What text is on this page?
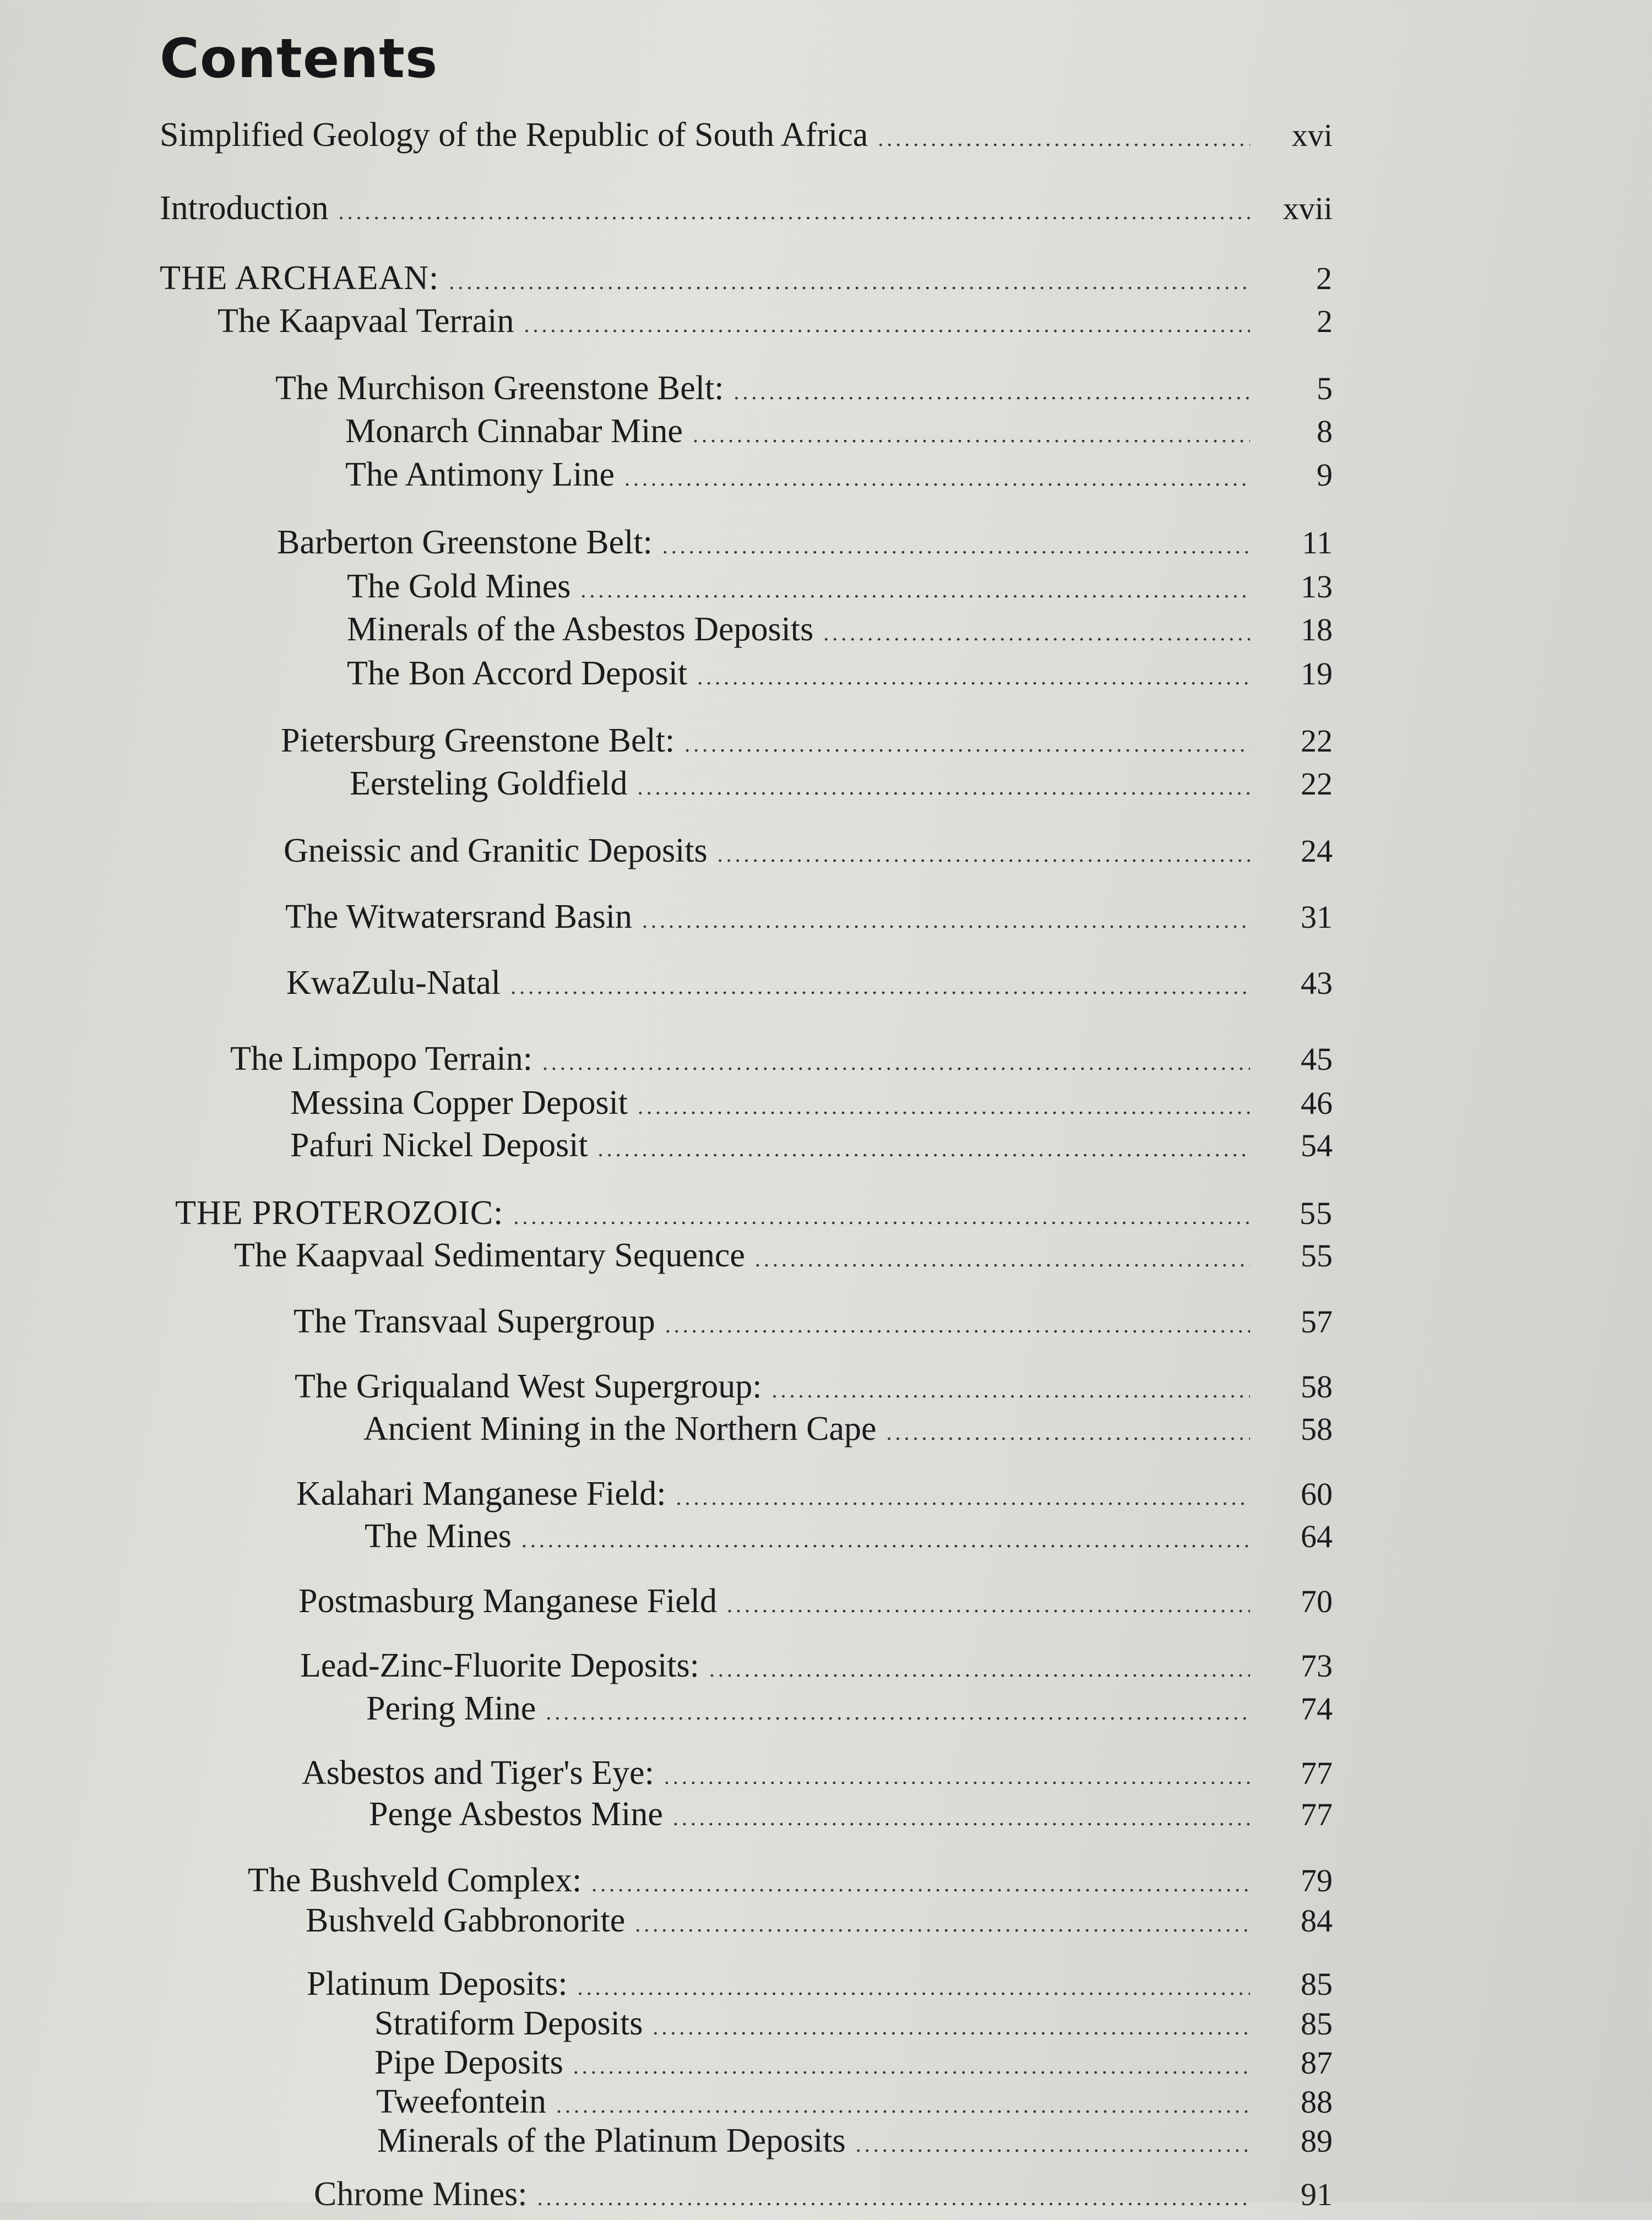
Contents
Simplified Geology of the Republic of South Africa .....	xvi
Introduction .....	xvii
THE ARCHAEAN: .....	2
The Kaapvaal Terrain .....	2
The Murchison Greenstone Belt: .....	5
Monarch Cinnabar Mine .....	8
The Antimony Line .....	9
Barberton Greenstone Belt: .....	11
The Gold Mines .....	13
Minerals of the Asbestos Deposits .....	18
The Bon Accord Deposit .....	19
Pietersburg Greenstone Belt: .....	22
Eersteling Goldfield .....	22
Gneissic and Granitic Deposits .....	24
The Witwatersrand Basin .....	31
KwaZulu-Natal .....	43
The Limpopo Terrain: .....	45
Messina Copper Deposit .....	46
Pafuri Nickel Deposit .....	54
THE PROTEROZOIC: .....	55
The Kaapvaal Sedimentary Sequence .....	55
The Transvaal Supergroup .....	57
The Griqualand West Supergroup: .....	58
Ancient Mining in the Northern Cape .....	58
Kalahari Manganese Field: .....	60
The Mines .....	64
Postmasburg Manganese Field .....	70
Lead-Zinc-Fluorite Deposits: .....	73
Pering Mine .....	74
Asbestos and Tiger's Eye: .....	77
Penge Asbestos Mine .....	77
The Bushveld Complex: .....	79
Bushveld Gabbronorite .....	84
Platinum Deposits: .....	85
Stratiform Deposits .....	85
Pipe Deposits .....	87
Tweefontein .....	88
Minerals of the Platinum Deposits .....	89
Chrome Mines: .....	91
